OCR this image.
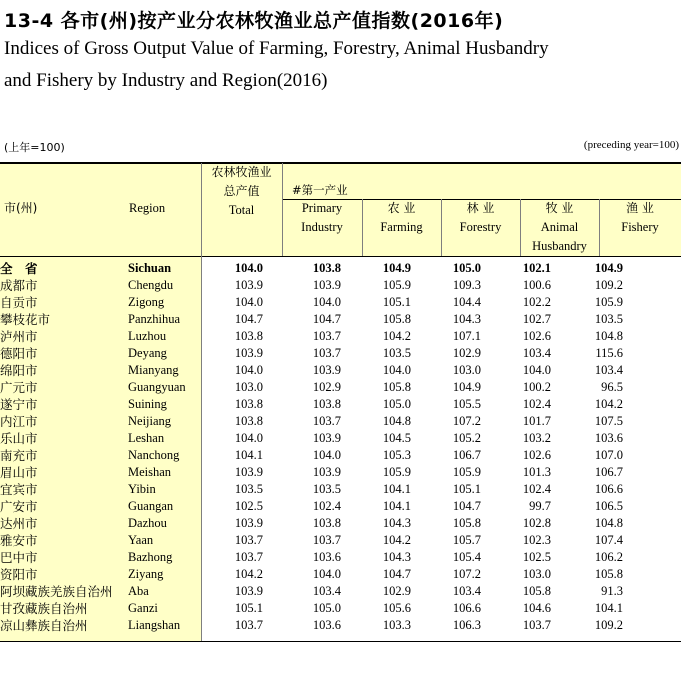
13-4 各市(州)按产业分农林牧渔业总产值指数(2016年)
Indices of Gross Output Value of Farming, Forestry, Animal Husbandry
and Fishery by Industry and Region(2016)
(上年=100)	(preceding year=100)
市(州)	Region
农林牧渔业
总产值
Total
#第一产业
Primary
Industry
农 业
Farming
林 业
Forestry
牧 业
Animal
Husbandry
渔 业
Fishery
全　省	Sichuan	104.0	103.8	104.9	105.0	102.1	104.9
成都市	Chengdu	103.9	103.9	105.9	109.3	100.6	109.2
自贡市	Zigong	104.0	104.0	105.1	104.4	102.2	105.9
攀枝花市	Panzhihua	104.7	104.7	105.8	104.3	102.7	103.5
泸州市	Luzhou	103.8	103.7	104.2	107.1	102.6	104.8
德阳市	Deyang	103.9	103.7	103.5	102.9	103.4	115.6
绵阳市	Mianyang	104.0	103.9	104.0	103.0	104.0	103.4
广元市	Guangyuan	103.0	102.9	105.8	104.9	100.2	96.5
遂宁市	Suining	103.8	103.8	105.0	105.5	102.4	104.2
内江市	Neijiang	103.8	103.7	104.8	107.2	101.7	107.5
乐山市	Leshan	104.0	103.9	104.5	105.2	103.2	103.6
南充市	Nanchong	104.1	104.0	105.3	106.7	102.6	107.0
眉山市	Meishan	103.9	103.9	105.9	105.9	101.3	106.7
宜宾市	Yibin	103.5	103.5	104.1	105.1	102.4	106.6
广安市	Guangan	102.5	102.4	104.1	104.7	99.7	106.5
达州市	Dazhou	103.9	103.8	104.3	105.8	102.8	104.8
雅安市	Yaan	103.7	103.7	104.2	105.7	102.3	107.4
巴中市	Bazhong	103.7	103.6	104.3	105.4	102.5	106.2
资阳市	Ziyang	104.2	104.0	104.7	107.2	103.0	105.8
阿坝藏族羌族自治州	Aba	103.9	103.4	102.9	103.4	105.8	91.3
甘孜藏族自治州	Ganzi	105.1	105.0	105.6	106.6	104.6	104.1
凉山彝族自治州	Liangshan	103.7	103.6	103.3	106.3	103.7	109.2
